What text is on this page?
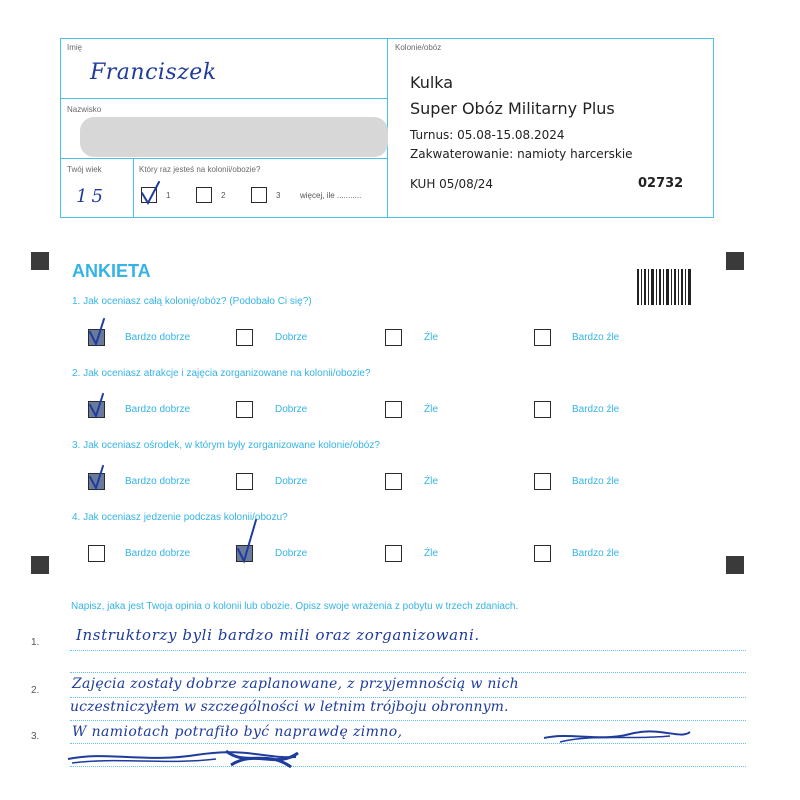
Imię
Franciszek
Nazwisko
Twój wiek
15
Który raz jesteś na kolonii/obozie?
1	2	3 więcej, ile ...........
Kolonie/obóz
Kulka
Super Obóz Militarny Plus
Turnus: 05.08-15.08.2024
Zakwaterowanie: namioty harcerskie
KUH 05/08/24	02732
ANKIETA
1. Jak oceniasz całą kolonię/obóz? (Podobało Ci się?)
Bardzo dobrze	Dobrze	Źle	Bardzo źle
2. Jak oceniasz atrakcje i zajęcia zorganizowane na kolonii/obozie?
Bardzo dobrze	Dobrze	Źle	Bardzo źle
3. Jak oceniasz ośrodek, w którym były zorganizowane kolonie/obóz?
Bardzo dobrze	Dobrze	Źle	Bardzo źle
4. Jak oceniasz jedzenie podczas kolonii/obozu?
Bardzo dobrze	Dobrze	Źle	Bardzo źle
Napisz, jaka jest Twoja opinia o kolonii lub obozie. Opisz swoje wrażenia z pobytu w trzech zdaniach.
1.
2.
3.
Instruktorzy byli bardzo mili oraz zorganizowani.
Zajęcia zostały dobrze zaplanowane, z przyjemnością w nich
uczestniczyłem w szczególności w letnim trójboju obronnym.
W namiotach potrafiło być naprawdę zimno,
